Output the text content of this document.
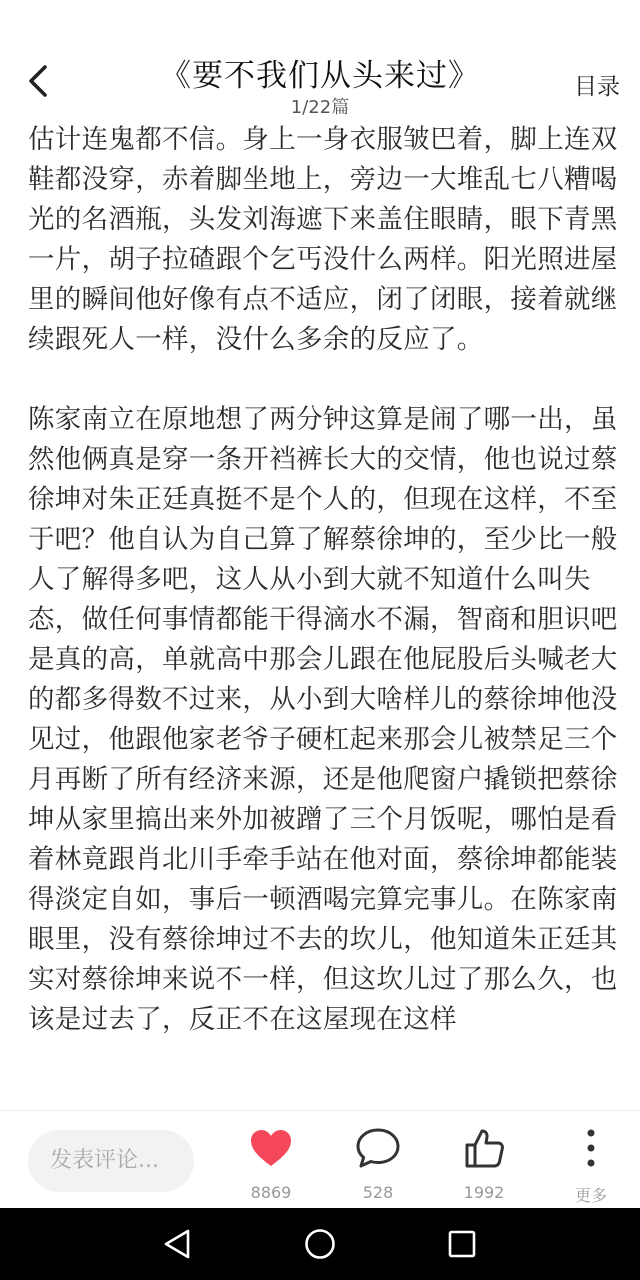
《要不我们从头来过》
1/22篇
目录

估计连鬼都不信。身上一身衣服皱巴着，脚上连双鞋都没穿，赤着脚坐地上，旁边一大堆乱七八糟喝光的名酒瓶，头发刘海遮下来盖住眼睛，眼下青黑一片，胡子拉碴跟个乞丐没什么两样。阳光照进屋里的瞬间他好像有点不适应，闭了闭眼，接着就继续跟死人一样，没什么多余的反应了。

陈家南立在原地想了两分钟这算是闹了哪一出，虽然他俩真是穿一条开裆裤长大的交情，他也说过蔡徐坤对朱正廷真挺不是个人的，但现在这样，不至于吧？他自认为自己算了解蔡徐坤的，至少比一般人了解得多吧，这人从小到大就不知道什么叫失态，做任何事情都能干得滴水不漏，智商和胆识吧是真的高，单就高中那会儿跟在他屁股后头喊老大的都多得数不过来，从小到大啥样儿的蔡徐坤他没见过，他跟他家老爷子硬杠起来那会儿被禁足三个月再断了所有经济来源，还是他爬窗户撬锁把蔡徐坤从家里搞出来外加被蹭了三个月饭呢，哪怕是看着林竟跟肖北川手牵手站在他对面，蔡徐坤都能装得淡定自如，事后一顿酒喝完算完事儿。在陈家南眼里，没有蔡徐坤过不去的坎儿，他知道朱正廷其实对蔡徐坤来说不一样，但这坎儿过了那么久，也该是过去了，反正不在这屋现在这样

发表评论...
8869	528	1992	更多
